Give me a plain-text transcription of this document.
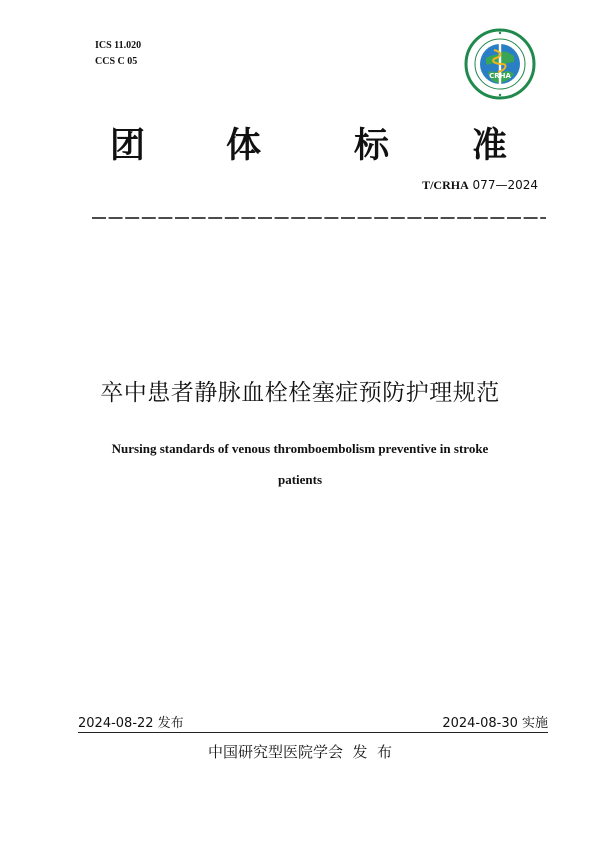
ICS 11.020
CCS C 05
CRHA
团 体	标 准
T/CRHA 077—2024
卒中患者静脉血栓栓塞症预防护理规范
Nursing standards of venous thromboembolism preventive in stroke
patients
2024-08-22 发布	2024-08-30 实施
中国研究型医院学会  发  布
